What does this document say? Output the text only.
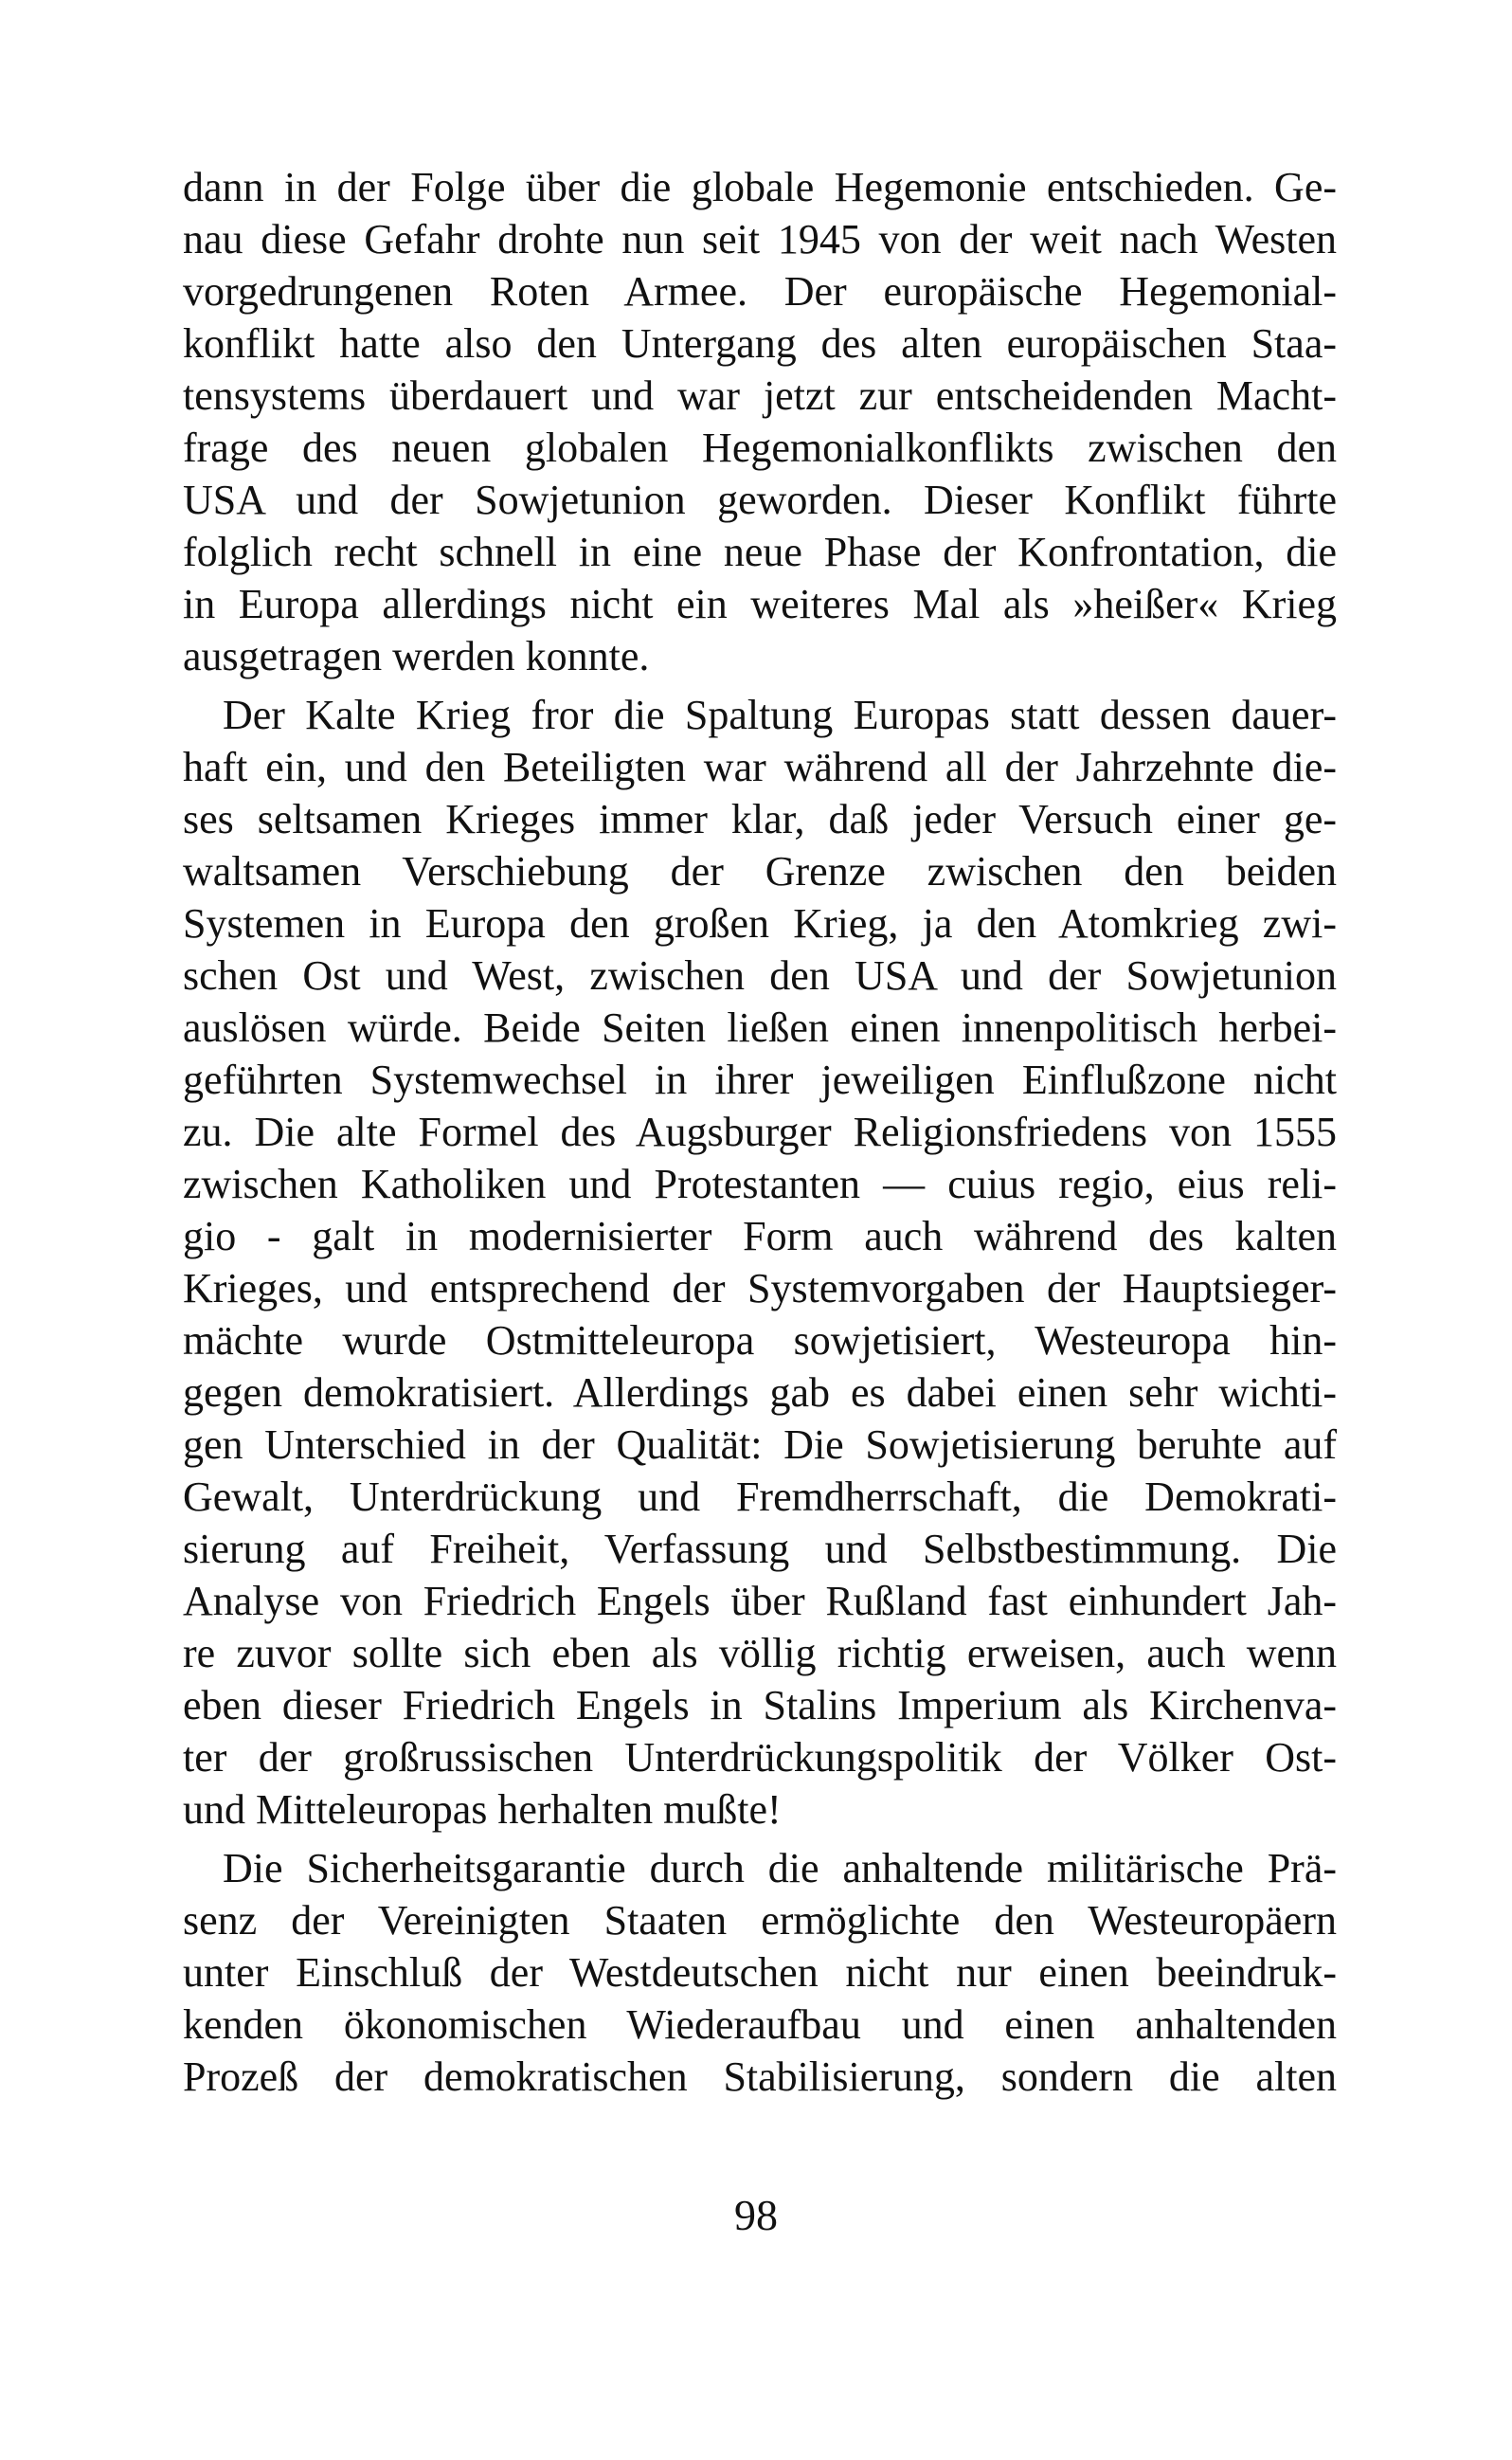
dann in der Folge über die globale Hegemonie entschieden. Ge-
nau diese Gefahr drohte nun seit 1945 von der weit nach Westen
vorgedrungenen Roten Armee. Der europäische Hegemonial-
konflikt hatte also den Untergang des alten europäischen Staa-
tensystems überdauert und war jetzt zur entscheidenden Macht-
frage des neuen globalen Hegemonialkonflikts zwischen den
USA und der Sowjetunion geworden. Dieser Konflikt führte
folglich recht schnell in eine neue Phase der Konfrontation, die
in Europa allerdings nicht ein weiteres Mal als »heißer« Krieg
ausgetragen werden konnte.
Der Kalte Krieg fror die Spaltung Europas statt dessen dauer-
haft ein, und den Beteiligten war während all der Jahrzehnte die-
ses seltsamen Krieges immer klar, daß jeder Versuch einer ge-
waltsamen Verschiebung der Grenze zwischen den beiden
Systemen in Europa den großen Krieg, ja den Atomkrieg zwi-
schen Ost und West, zwischen den USA und der Sowjetunion
auslösen würde. Beide Seiten ließen einen innenpolitisch herbei-
geführten Systemwechsel in ihrer jeweiligen Einflußzone nicht
zu. Die alte Formel des Augsburger Religionsfriedens von 1555
zwischen Katholiken und Protestanten — cuius regio, eius reli-
gio - galt in modernisierter Form auch während des kalten
Krieges, und entsprechend der Systemvorgaben der Hauptsieger-
mächte wurde Ostmitteleuropa sowjetisiert, Westeuropa hin-
gegen demokratisiert. Allerdings gab es dabei einen sehr wichti-
gen Unterschied in der Qualität: Die Sowjetisierung beruhte auf
Gewalt, Unterdrückung und Fremdherrschaft, die Demokrati-
sierung auf Freiheit, Verfassung und Selbstbestimmung. Die
Analyse von Friedrich Engels über Rußland fast einhundert Jah-
re zuvor sollte sich eben als völlig richtig erweisen, auch wenn
eben dieser Friedrich Engels in Stalins Imperium als Kirchenva-
ter der großrussischen Unterdrückungspolitik der Völker Ost-
und Mitteleuropas herhalten mußte!
Die Sicherheitsgarantie durch die anhaltende militärische Prä-
senz der Vereinigten Staaten ermöglichte den Westeuropäern
unter Einschluß der Westdeutschen nicht nur einen beeindruk-
kenden ökonomischen Wiederaufbau und einen anhaltenden
Prozeß der demokratischen Stabilisierung, sondern die alten
98
